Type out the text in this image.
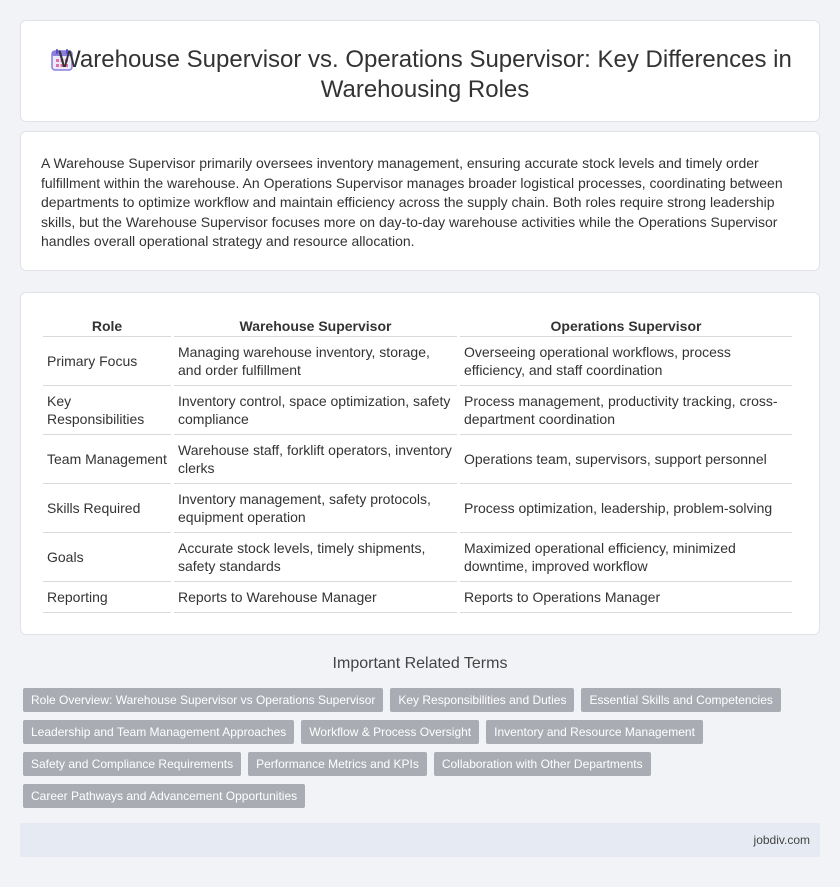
Warehouse Supervisor vs. Operations Supervisor: Key Differences in Warehousing Roles

A Warehouse Supervisor primarily oversees inventory management, ensuring accurate stock levels and timely order fulfillment within the warehouse. An Operations Supervisor manages broader logistical processes, coordinating between departments to optimize workflow and maintain efficiency across the supply chain. Both roles require strong leadership skills, but the Warehouse Supervisor focuses more on day-to-day warehouse activities while the Operations Supervisor handles overall operational strategy and resource allocation.

Role	Warehouse Supervisor	Operations Supervisor
Primary Focus	Managing warehouse inventory, storage, and order fulfillment	Overseeing operational workflows, process efficiency, and staff coordination
Key Responsibilities	Inventory control, space optimization, safety compliance	Process management, productivity tracking, cross-department coordination
Team Management	Warehouse staff, forklift operators, inventory clerks	Operations team, supervisors, support personnel
Skills Required	Inventory management, safety protocols, equipment operation	Process optimization, leadership, problem-solving
Goals	Accurate stock levels, timely shipments, safety standards	Maximized operational efficiency, minimized downtime, improved workflow
Reporting	Reports to Warehouse Manager	Reports to Operations Manager
Important Related Terms
Role Overview: Warehouse Supervisor vs Operations Supervisor	Key Responsibilities and Duties	Essential Skills and Competencies
Leadership and Team Management Approaches	Workflow & Process Oversight	Inventory and Resource Management
Safety and Compliance Requirements	Performance Metrics and KPIs	Collaboration with Other Departments
Career Pathways and Advancement Opportunities
jobdiv.com
